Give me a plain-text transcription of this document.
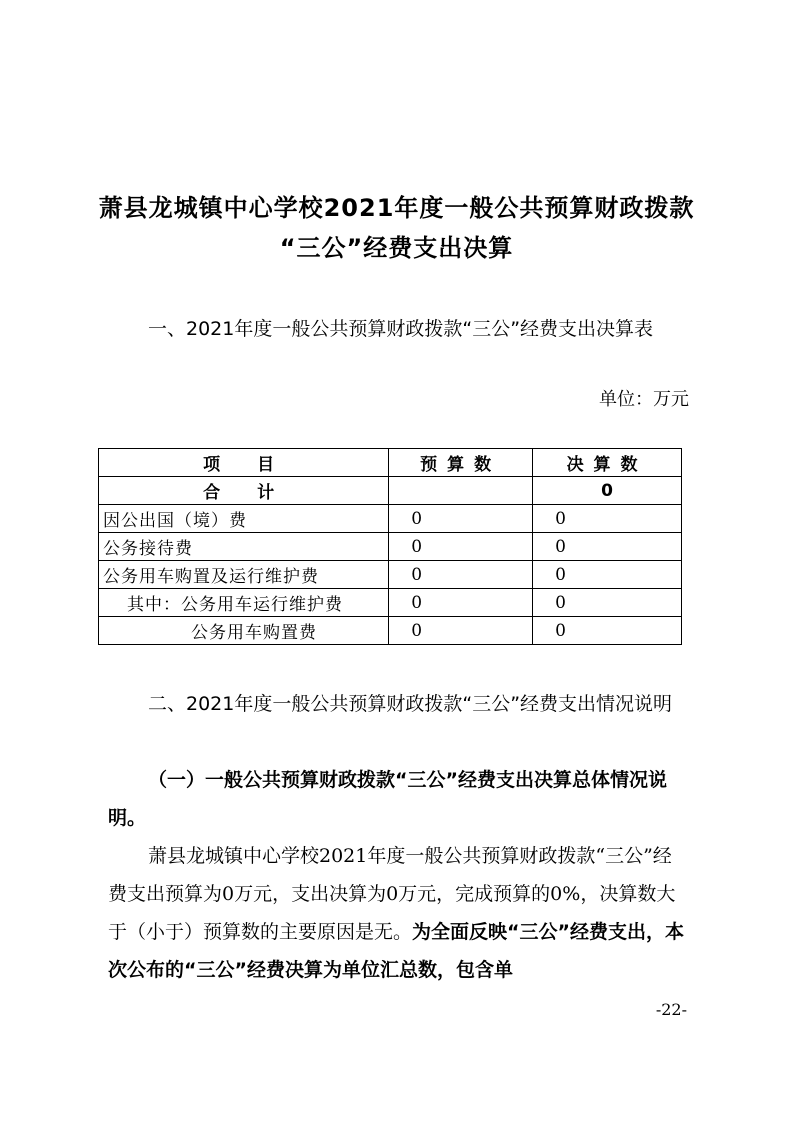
萧县龙城镇中心学校2021年度一般公共预算财政拨款
“三公”经费支出决算
一、2021年度一般公共预算财政拨款“三公”经费支出决算表
单位：万元
项　目	预算数	决算数
合　计		0
因公出国（境）费	0	0
公务接待费	0	0
公务用车购置及运行维护费	0	0
其中：公务用车运行维护费	0	0
公务用车购置费	0	0
二、2021年度一般公共预算财政拨款“三公”经费支出情况说明
（一）一般公共预算财政拨款“三公”经费支出决算总体情况说明。
萧县龙城镇中心学校2021年度一般公共预算财政拨款“三公”经费支出预算为0万元，支出决算为0万元，完成预算的0%，决算数大于（小于）预算数的主要原因是无。为全面反映“三公”经费支出，本次公布的“三公”经费决算为单位汇总数，包含单
-22-
